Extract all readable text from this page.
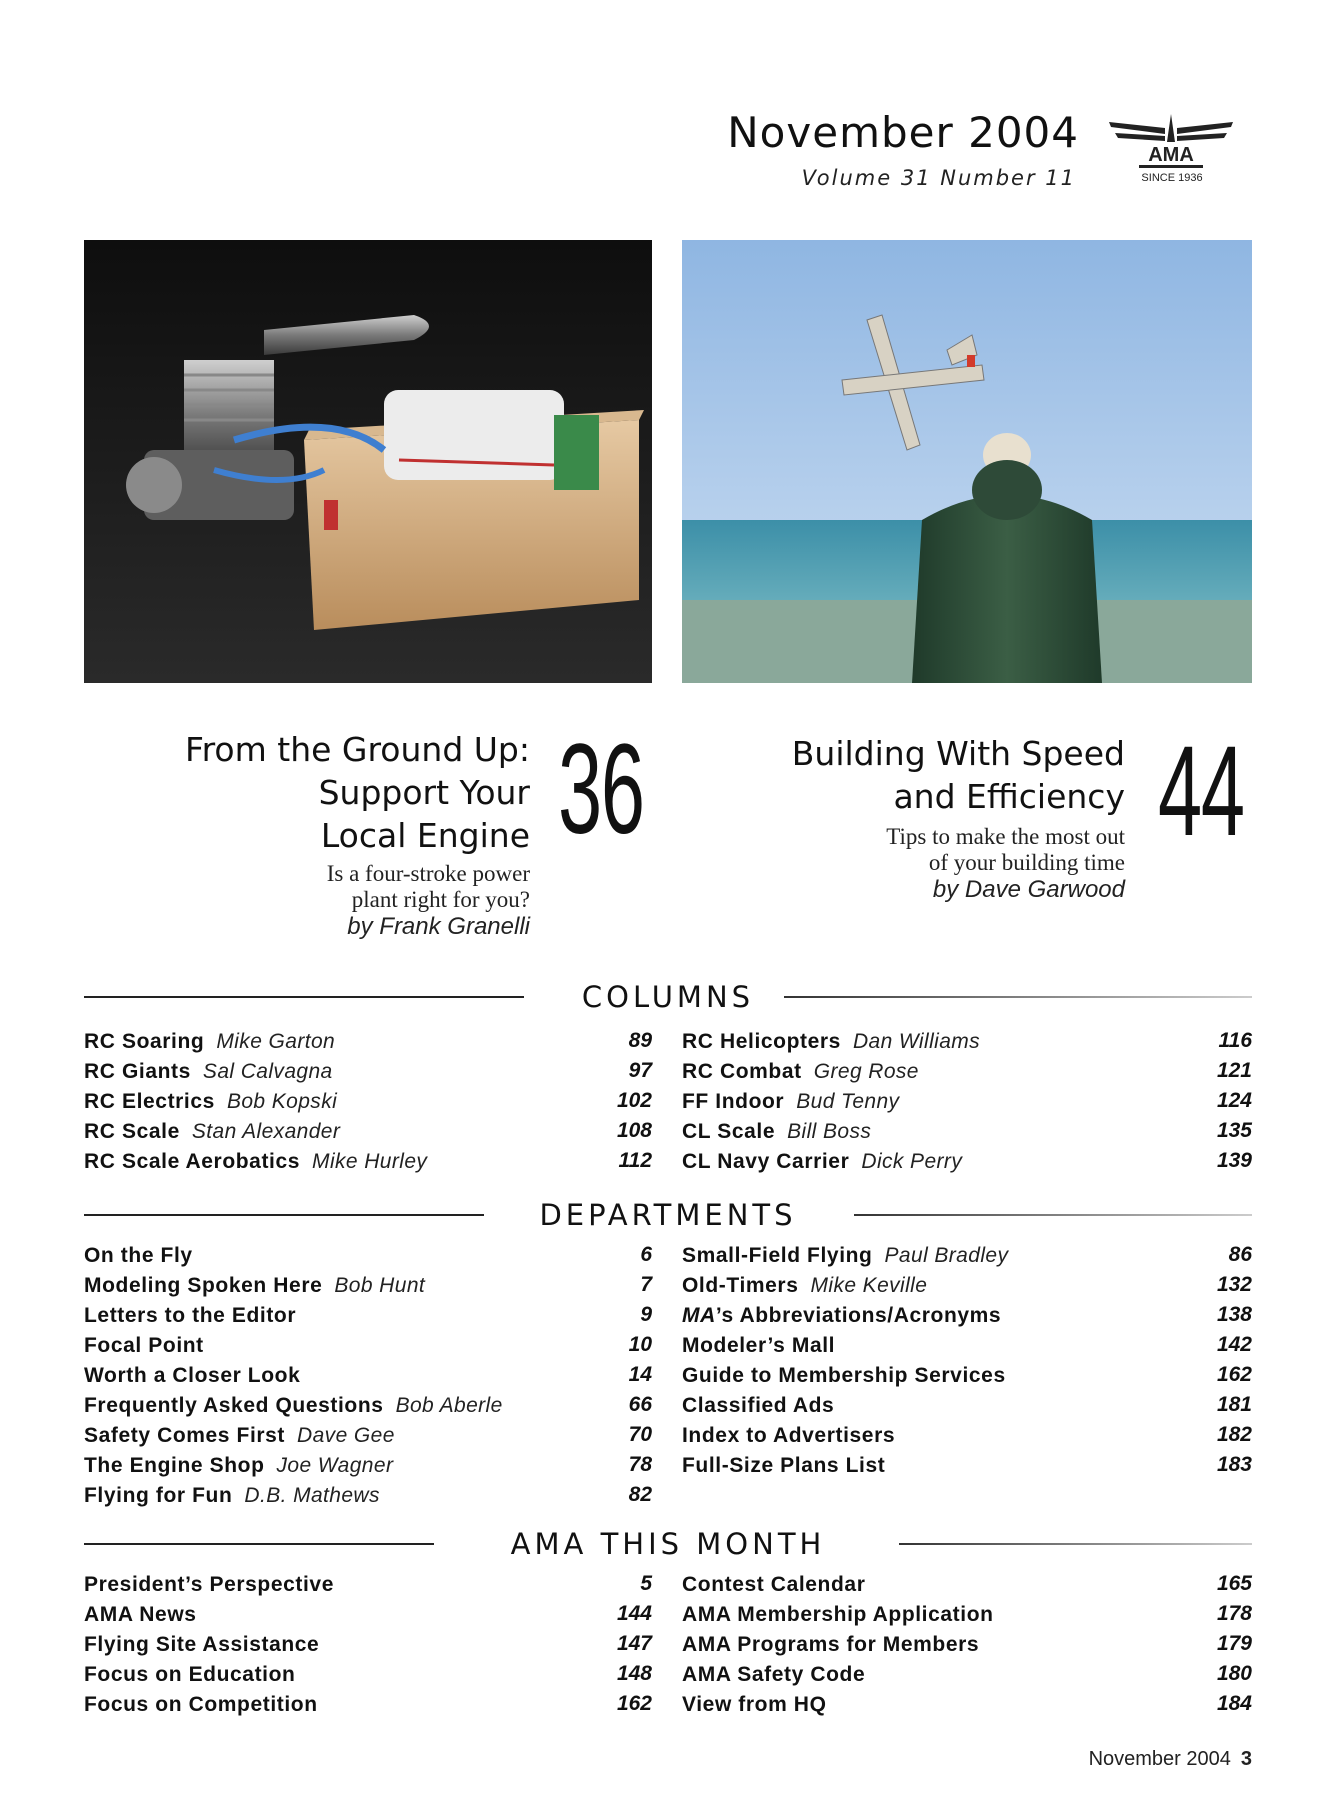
November 2004
Volume 31 Number 11
AMA
SINCE 1936
From the Ground Up:
Support Your
Local Engine
Is a four-stroke power
plant right for you?
by Frank Granelli
36	Building With Speed
and Efficiency
Tips to make the most out
of your building time
by Dave Garwood
44
COLUMNS
RC Soaring Mike Garton	89
RC Giants Sal Calvagna	97
RC Electrics Bob Kopski	102
RC Scale Stan Alexander	108
RC Scale Aerobatics Mike Hurley	112
RC Helicopters Dan Williams	116
RC Combat Greg Rose	121
FF Indoor Bud Tenny	124
CL Scale Bill Boss	135
CL Navy Carrier Dick Perry	139
DEPARTMENTS
On the Fly	6
Modeling Spoken Here Bob Hunt	7
Letters to the Editor	9
Focal Point	10
Worth a Closer Look	14
Frequently Asked Questions Bob Aberle	66
Safety Comes First Dave Gee	70
The Engine Shop Joe Wagner	78
Flying for Fun D.B. Mathews	82
Small-Field Flying Paul Bradley	86
Old-Timers Mike Keville	132
MA’s Abbreviations/Acronyms	138
Modeler’s Mall	142
Guide to Membership Services	162
Classified Ads	181
Index to Advertisers	182
Full-Size Plans List	183
AMA THIS MONTH
President’s Perspective	5
AMA News	144
Flying Site Assistance	147
Focus on Education	148
Focus on Competition	162
Contest Calendar	165
AMA Membership Application	178
AMA Programs for Members	179
AMA Safety Code	180
View from HQ	184
November 2004 3
